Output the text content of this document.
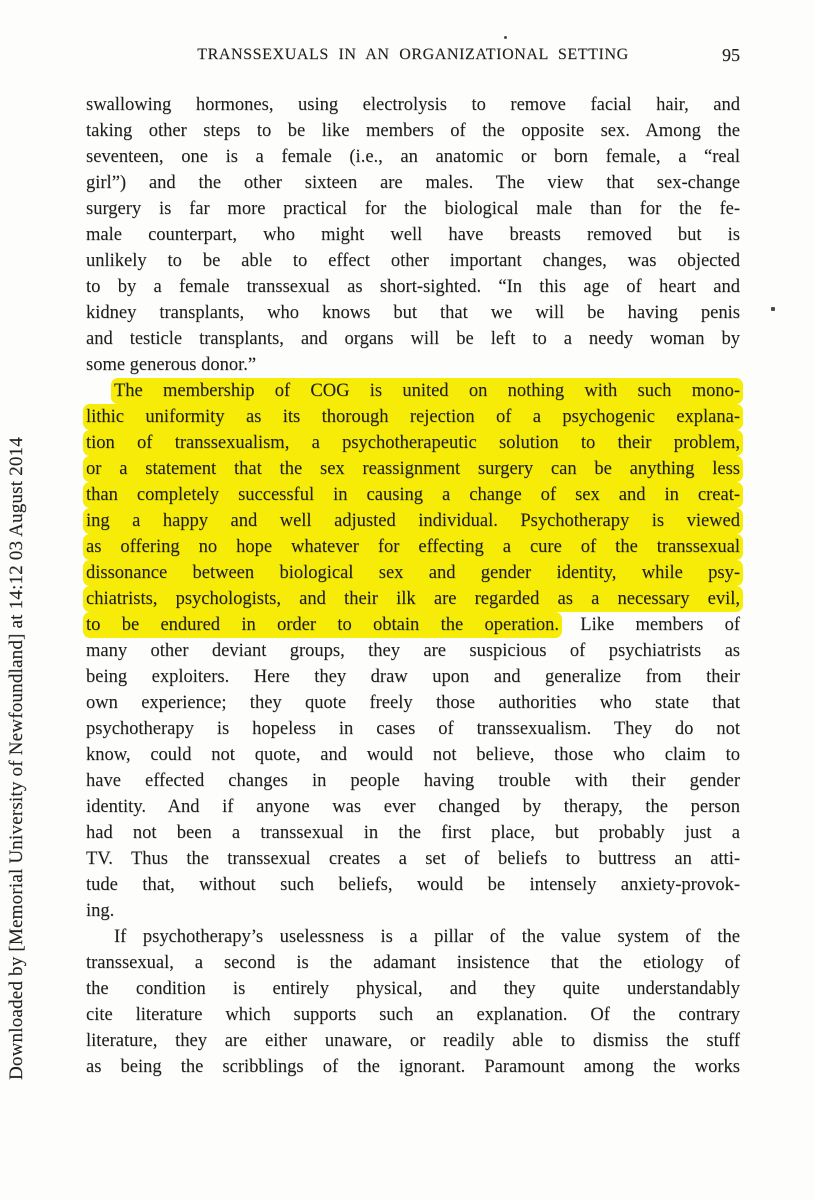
Downloaded by [Memorial University of Newfoundland] at 14:12 03 August 2014
TRANSSEXUALS IN AN ORGANIZATIONAL SETTING	95
swallowing hormones, using electrolysis to remove facial hair, and
taking other steps to be like members of the opposite sex. Among the
seventeen, one is a female (i.e., an anatomic or born female, a “real
girl”) and the other sixteen are males. The view that sex-change
surgery is far more practical for the biological male than for the fe-
male counterpart, who might well have breasts removed but is
unlikely to be able to effect other important changes, was objected
to by a female transsexual as short-sighted. “In this age of heart and
kidney transplants, who knows but that we will be having penis
and testicle transplants, and organs will be left to a needy woman by
some generous donor.”
The membership of COG is united on nothing with such mono-
lithic uniformity as its thorough rejection of a psychogenic explana-
tion of transsexualism, a psychotherapeutic solution to their problem,
or a statement that the sex reassignment surgery can be anything less
than completely successful in causing a change of sex and in creat-
ing a happy and well adjusted individual. Psychotherapy is viewed
as offering no hope whatever for effecting a cure of the transsexual
dissonance between biological sex and gender identity, while psy-
chiatrists, psychologists, and their ilk are regarded as a necessary evil,
to be endured in order to obtain the operation. Like members of
many other deviant groups, they are suspicious of psychiatrists as
being exploiters. Here they draw upon and generalize from their
own experience; they quote freely those authorities who state that
psychotherapy is hopeless in cases of transsexualism. They do not
know, could not quote, and would not believe, those who claim to
have effected changes in people having trouble with their gender
identity. And if anyone was ever changed by therapy, the person
had not been a transsexual in the first place, but probably just a
TV. Thus the transsexual creates a set of beliefs to buttress an atti-
tude that, without such beliefs, would be intensely anxiety-provok-
ing.
If psychotherapy’s uselessness is a pillar of the value system of the
transsexual, a second is the adamant insistence that the etiology of
the condition is entirely physical, and they quite understandably
cite literature which supports such an explanation. Of the contrary
literature, they are either unaware, or readily able to dismiss the stuff
as being the scribblings of the ignorant. Paramount among the works
